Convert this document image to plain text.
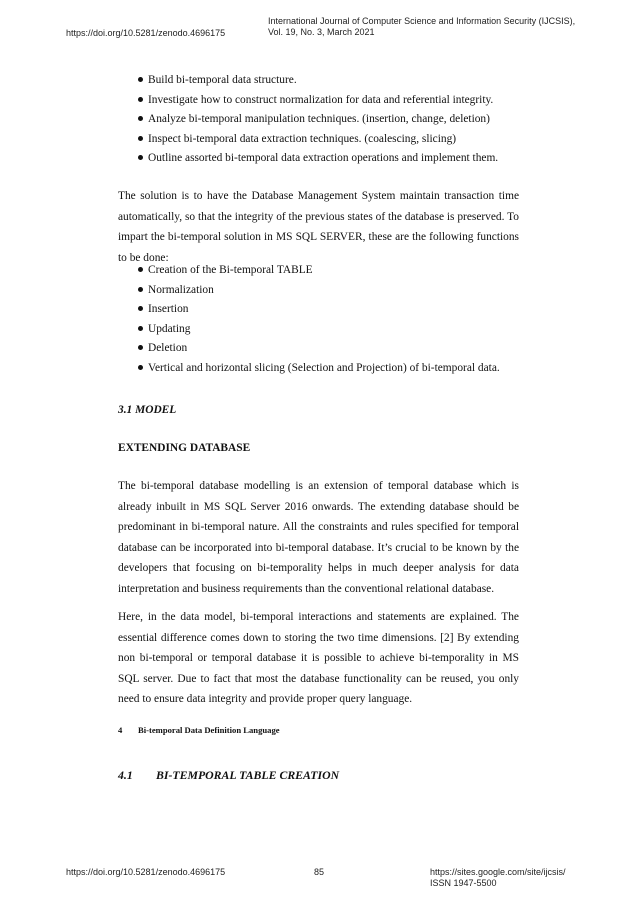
https://doi.org/10.5281/zenodo.4696175
International Journal of Computer Science and Information Security (IJCSIS),
Vol. 19, No. 3, March 2021
Build bi-temporal data structure.
Investigate how to construct normalization for data and referential integrity.
Analyze bi-temporal manipulation techniques. (insertion, change, deletion)
Inspect bi-temporal data extraction techniques. (coalescing, slicing)
Outline assorted bi-temporal data extraction operations and implement them.

The solution is to have the Database Management System maintain transaction time automatically, so that the integrity of the previous states of the database is preserved. To impart the bi-temporal solution in MS SQL SERVER, these are the following functions to be done:

Creation of the Bi-temporal TABLE
Normalization
Insertion
Updating
Deletion
Vertical and horizontal slicing (Selection and Projection) of bi-temporal data.
3.1 MODEL
EXTENDING DATABASE

The bi-temporal database modelling is an extension of temporal database which is already inbuilt in MS SQL Server 2016 onwards. The extending database should be predominant in bi-temporal nature. All the constraints and rules specified for temporal database can be incorporated into bi-temporal database. It’s crucial to be known by the developers that focusing on bi-temporality helps in much deeper analysis for data interpretation and business requirements than the conventional relational database.

Here, in the data model, bi-temporal interactions and statements are explained. The essential difference comes down to storing the two time dimensions. [2] By extending non bi-temporal or temporal database it is possible to achieve bi-temporality in MS SQL server. Due to fact that most the database functionality can be reused, you only need to ensure data integrity and provide proper query language.

4 Bi-temporal Data Definition Language
4.1 BI-TEMPORAL TABLE CREATION
https://doi.org/10.5281/zenodo.4696175	85	https://sites.google.com/site/ijcsis/
ISSN 1947-5500
